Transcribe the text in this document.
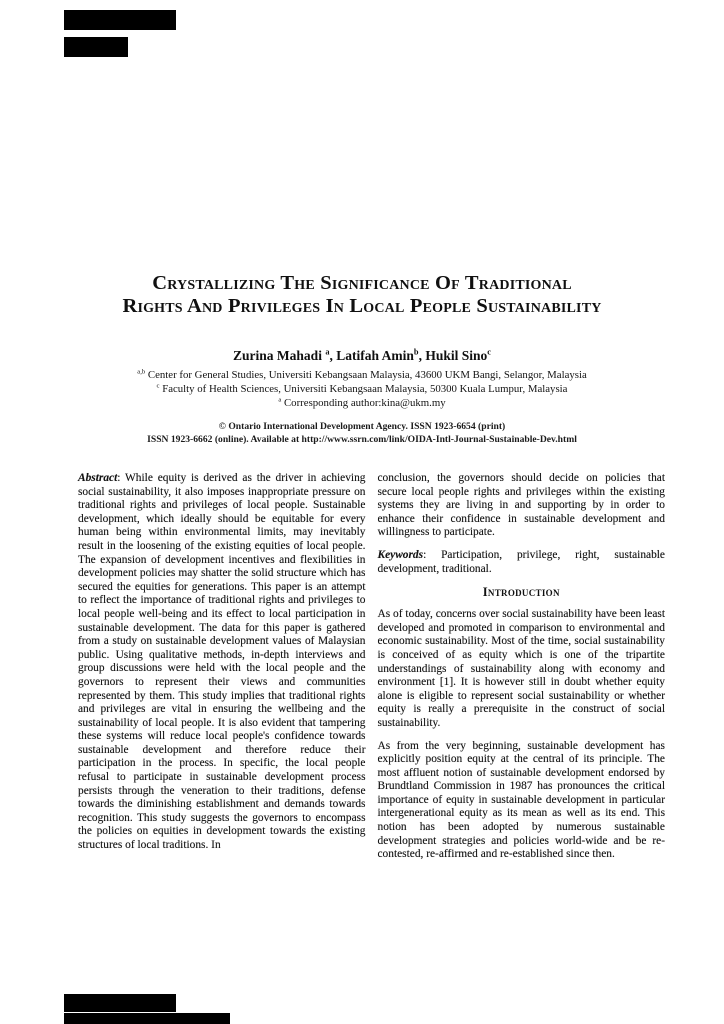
Crystallizing The Significance Of Traditional
Rights And Privileges In Local People Sustainability
Zurina Mahadi $^a$, Latifah Amin$^b$, Hukil Sino$^c$
$^{a,b}$ Center for General Studies, Universiti Kebangsaan Malaysia, 43600 UKM Bangi, Selangor, Malaysia
$^c$ Faculty of Health Sciences, Universiti Kebangsaan Malaysia, 50300 Kuala Lumpur, Malaysia
$^a$ Corresponding author:kina@ukm.my
© Ontario International Development Agency. ISSN 1923-6654 (print)
ISSN 1923-6662 (online). Available at http://www.ssrn.com/link/OIDA-Intl-Journal-Sustainable-Dev.html

Abstract: While equity is derived as the driver in achieving social sustainability, it also imposes inappropriate pressure on traditional rights and privileges of local people. Sustainable development, which ideally should be equitable for every human being within environmental limits, may inevitably result in the loosening of the existing equities of local people. The expansion of development incentives and flexibilities in development policies may shatter the solid structure which has secured the equities for generations. This paper is an attempt to reflect the importance of traditional rights and privileges to local people well-being and its effect to local participation in sustainable development. The data for this paper is gathered from a study on sustainable development values of Malaysian public. Using qualitative methods, in-depth interviews and group discussions were held with the local people and the governors to represent their views and communities represented by them. This study implies that traditional rights and privileges are vital in ensuring the wellbeing and the sustainability of local people. It is also evident that tampering these systems will reduce local people's confidence towards sustainable development and therefore reduce their participation in the process. In specific, the local people refusal to participate in sustainable development process persists through the veneration to their traditions, defense towards the diminishing establishment and demands towards recognition. This study suggests the governors to encompass the policies on equities in development towards the existing structures of local traditions. In

conclusion, the governors should decide on policies that secure local people rights and privileges within the existing systems they are living in and supporting by in order to enhance their confidence in sustainable development and willingness to participate.

Keywords: Participation, privilege, right, sustainable development, traditional.

Introduction

As of today, concerns over social sustainability have been least developed and promoted in comparison to environmental and economic sustainability. Most of the time, social sustainability is conceived of as equity which is one of the tripartite understandings of sustainability along with economy and environment [1]. It is however still in doubt whether equity alone is eligible to represent social sustainability or whether equity is really a prerequisite in the construct of social sustainability.

As from the very beginning, sustainable development has explicitly position equity at the central of its principle. The most affluent notion of sustainable development endorsed by Brundtland Commission in 1987 has pronounces the critical importance of equity in sustainable development in particular intergenerational equity as its mean as well as its end. This notion has been adopted by numerous sustainable development strategies and policies world-wide and be re-contested, re-affirmed and re-established since then.
